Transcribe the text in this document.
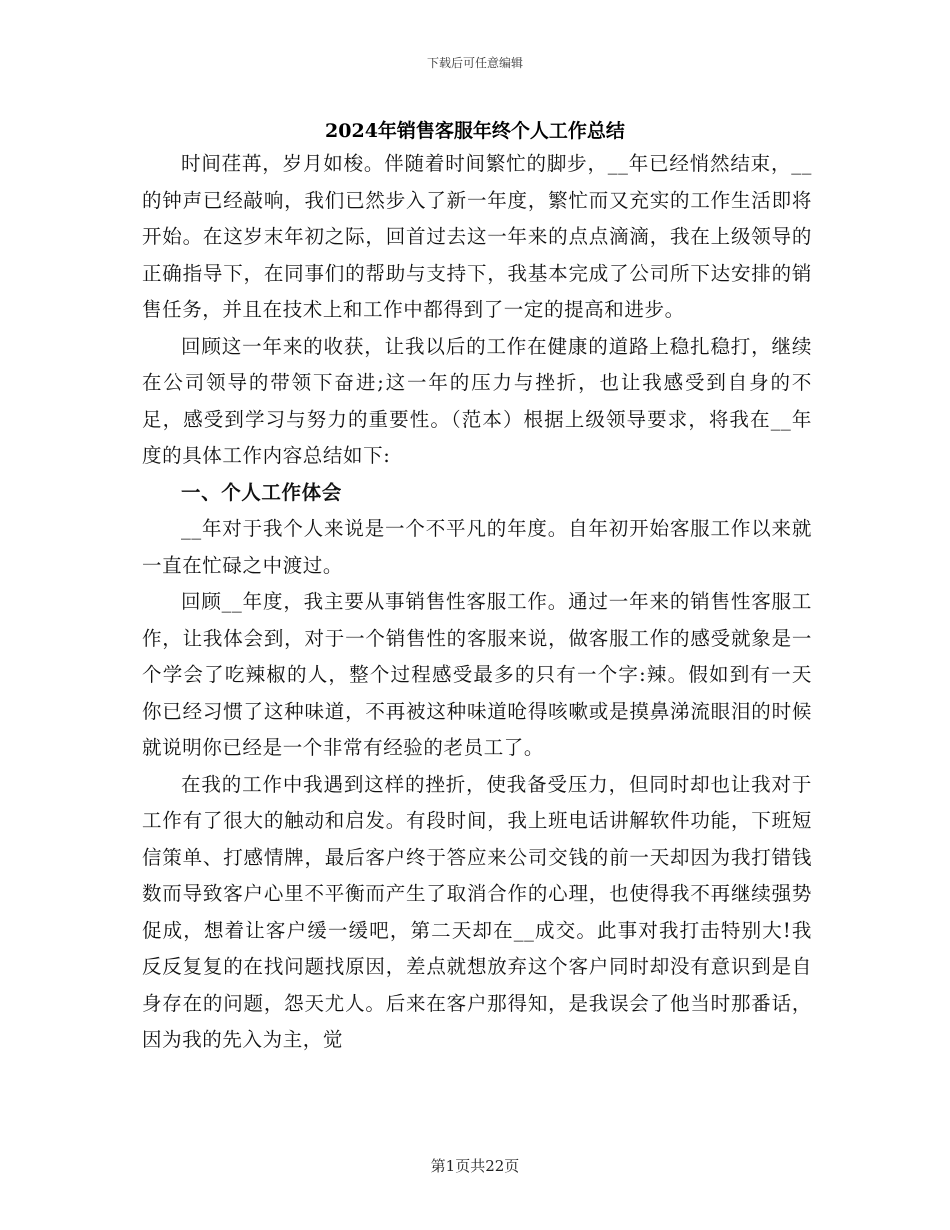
下载后可任意编辑
2024年销售客服年终个人工作总结

时间荏苒，岁月如梭。伴随着时间繁忙的脚步，__年已经悄然结束，__的钟声已经敲响，我们已然步入了新一年度，繁忙而又充实的工作生活即将开始。在这岁末年初之际，回首过去这一年来的点点滴滴，我在上级领导的正确指导下，在同事们的帮助与支持下，我基本完成了公司所下达安排的销售任务，并且在技术上和工作中都得到了一定的提高和进步。

回顾这一年来的收获，让我以后的工作在健康的道路上稳扎稳打，继续在公司领导的带领下奋进;这一年的压力与挫折，也让我感受到自身的不足，感受到学习与努力的重要性。（范本）根据上级领导要求，将我在__年度的具体工作内容总结如下:

一、个人工作体会

__年对于我个人来说是一个不平凡的年度。自年初开始客服工作以来就一直在忙碌之中渡过。

回顾__年度，我主要从事销售性客服工作。通过一年来的销售性客服工作，让我体会到，对于一个销售性的客服来说，做客服工作的感受就象是一个学会了吃辣椒的人，整个过程感受最多的只有一个字:辣。假如到有一天你已经习惯了这种味道，不再被这种味道呛得咳嗽或是摸鼻涕流眼泪的时候就说明你已经是一个非常有经验的老员工了。

在我的工作中我遇到这样的挫折，使我备受压力，但同时却也让我对于工作有了很大的触动和启发。有段时间，我上班电话讲解软件功能，下班短信策单、打感情牌，最后客户终于答应来公司交钱的前一天却因为我打错钱数而导致客户心里不平衡而产生了取消合作的心理，也使得我不再继续强势促成，想着让客户缓一缓吧，第二天却在__成交。此事对我打击特别大!我反反复复的在找问题找原因，差点就想放弃这个客户同时却没有意识到是自身存在的问题，怨天尤人。后来在客户那得知，是我误会了他当时那番话，因为我的先入为主，觉

第1页共22页
